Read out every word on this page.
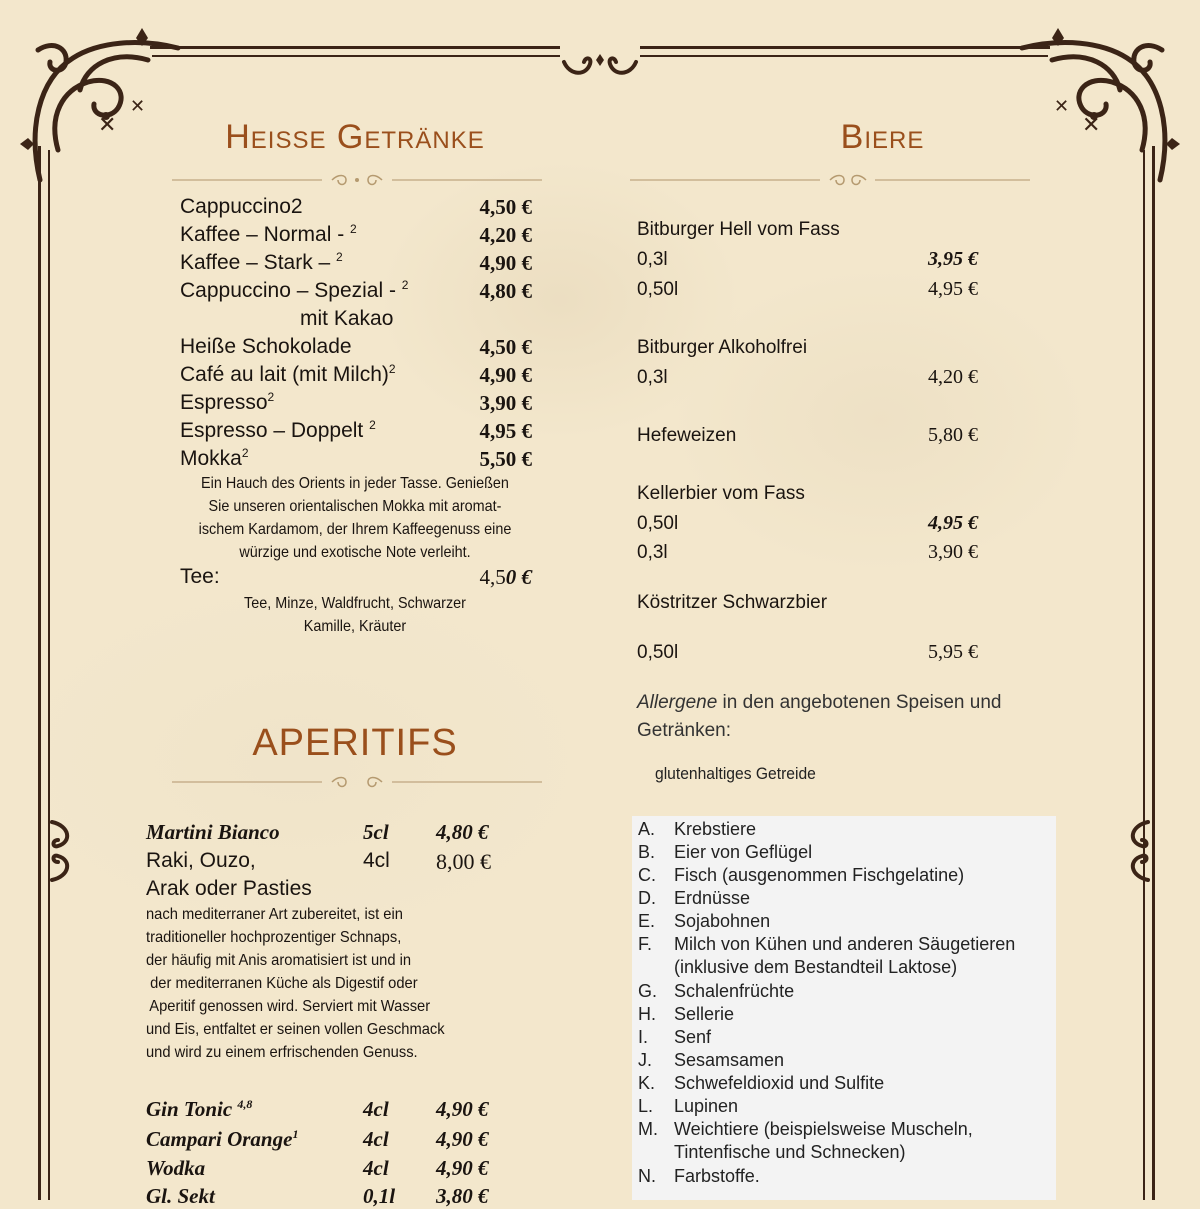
✕
✕
✕
✕
Heisse Getränke
Cappuccino2	4,50 €
Kaffee – Normal - $^2$	4,20 €
Kaffee – Stark – $^2$	4,90 €
Cappuccino – Spezial - $^2$	4,80 €
mit Kakao
Heiße Schokolade	4,50 €
Café au lait (mit Milch)$^2$	4,90 €
Espresso$^2$	3,90 €
Espresso – Doppelt $^2$	4,95 €
Mokka$^2$	5,50 €
Ein Hauch des Orients in jeder Tasse. Genießen
Sie unseren orientalischen Mokka mit aromat-
ischem Kardamom, der Ihrem Kaffeegenuss eine
würzige und exotische Note verleiht.
Tee:	4,50 €
Tee, Minze, Waldfrucht, Schwarzer
Kamille, Kräuter
Biere
Bitburger Hell vom Fass
0,3l	3,95 €
0,50l	4,95 €
Bitburger Alkoholfrei
0,3l	4,20 €
Hefeweizen	5,80 €
Kellerbier vom Fass
0,50l	4,95 €
0,3l	3,90 €
Köstritzer Schwarzbier
0,50l	5,95 €
Allergene in den angebotenen Speisen und
Getränken:
glutenhaltiges Getreide
A. Krebstiere
B. Eier von Geflügel
C. Fisch (ausgenommen Fischgelatine)
D. Erdnüsse
E. Sojabohnen
F. Milch von Kühen und anderen Säugetieren
(inklusive dem Bestandteil Laktose)
G. Schalenfrüchte
H. Sellerie
I. Senf
J. Sesamsamen
K. Schwefeldioxid und Sulfite
L. Lupinen
M. Weichtiere (beispielsweise Muscheln,
Tintenfische und Schnecken)
N. Farbstoffe.
APERITIFS
Martini Bianco	5cl 4,80 €
Raki, Ouzo,	4cl 8,00 €
Arak oder Pasties
nach mediterraner Art zubereitet, ist ein
traditioneller hochprozentiger Schnaps,
der häufig mit Anis aromatisiert ist und in
der mediterranen Küche als Digestif oder
Aperitif genossen wird. Serviert mit Wasser
und Eis, entfaltet er seinen vollen Geschmack
und wird zu einem erfrischenden Genuss.
Gin Tonic $^{4,8}$	4cl 4,90 €
Campari Orange$^1$	4cl 4,90 €
Wodka	4cl 4,90 €
Gl. Sekt	0,1l 3,80 €
